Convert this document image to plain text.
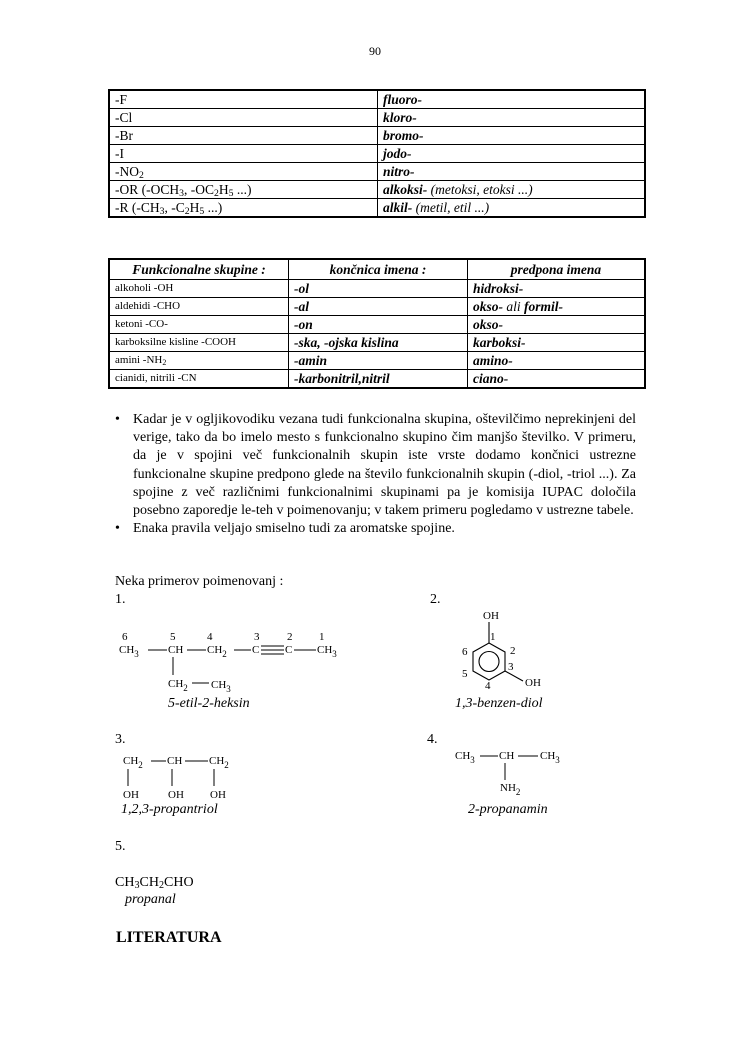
90
-F	fluoro-
-Cl	kloro-
-Br	bromo-
-I	jodo-
$-NO_2$	nitro-
-OR ($-OCH_3$, $-OC_2H_5$ ...)	alkoksi- (metoksi, etoksi ...)
-R ($-CH_3$, $-C_2H_5$ ...)	alkil- (metil, etil ...)
Funkcionalne skupine :	končnica imena :	predpona imena
alkoholi -OH	-ol	hidroksi-
aldehidi -CHO	-al	okso- ali formil-
ketoni -CO-	-on	okso-
karboksilne kisline -COOH	-ska, -ojska kislina	karboksi-
amini $-NH_2$	-amin	amino-
cianidi, nitrili -CN	-karbonitril,nitril	ciano-
• Kadar je v ogljikovodiku vezana tudi funkcionalna skupina, oštevilčimo neprekinjeni del verige, tako da bo imelo mesto s funkcionalno skupino čim manjšo številko. V primeru, da je v spojini več funkcionalnih skupin iste vrste dodamo končnici ustrezne funkcionalne skupine predpono glede na število funkcionalnih skupin (-diol, -triol ...). Za spojine z več različnimi funkcionalnimi skupinami pa je komisija IUPAC določila posebno zaporedje le-teh v poimenovanju; v takem primeru pogledamo v ustrezne tabele.
• Enaka pravila veljajo smiselno tudi za aromatske spojine.
Neka primerov poimenovanj :
1.	2.
6	5	4	3	2 1
$CH_3$	CH $CH_2$ C C $CH_3$
$CH_2$ $CH_3$
5-etil-2-heksin
OH
1
2
3
4
5
6
OH
1,3-benzen-diol
3.	4.
$CH_2$ CH $CH_2$
OH	OH OH
1,2,3-propantriol
$CH_3$ CH $CH_3$
$NH_2$
2-propanamin
5.
$CH_3CH_2CHO$
propanal
LITERATURA
